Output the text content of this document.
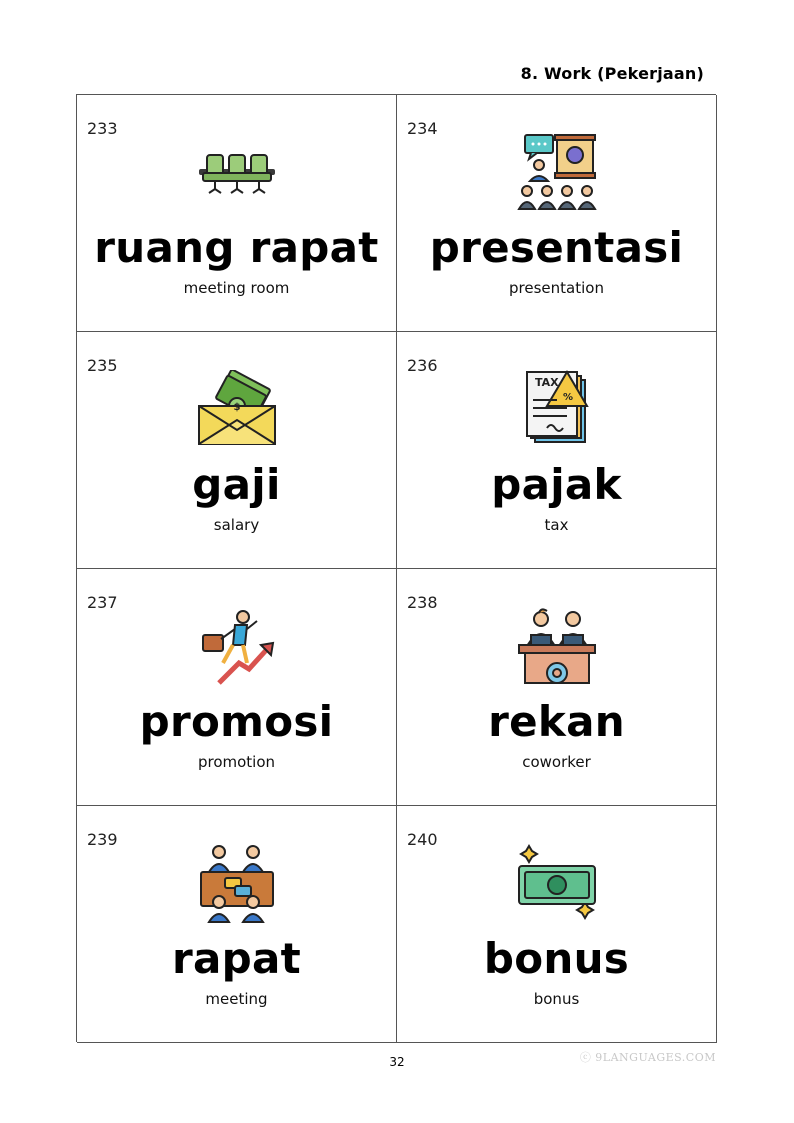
8. Work (Pekerjaan)
233
ruang rapat
meeting room
234
presentasi
presentation
235
$
gaji
salary
236
TAX
%
pajak
tax
237
promosi
promotion
238
rekan
coworker
239
rapat
meeting
240
bonus
bonus
32	ⓒ 9LANGUAGES.COM
